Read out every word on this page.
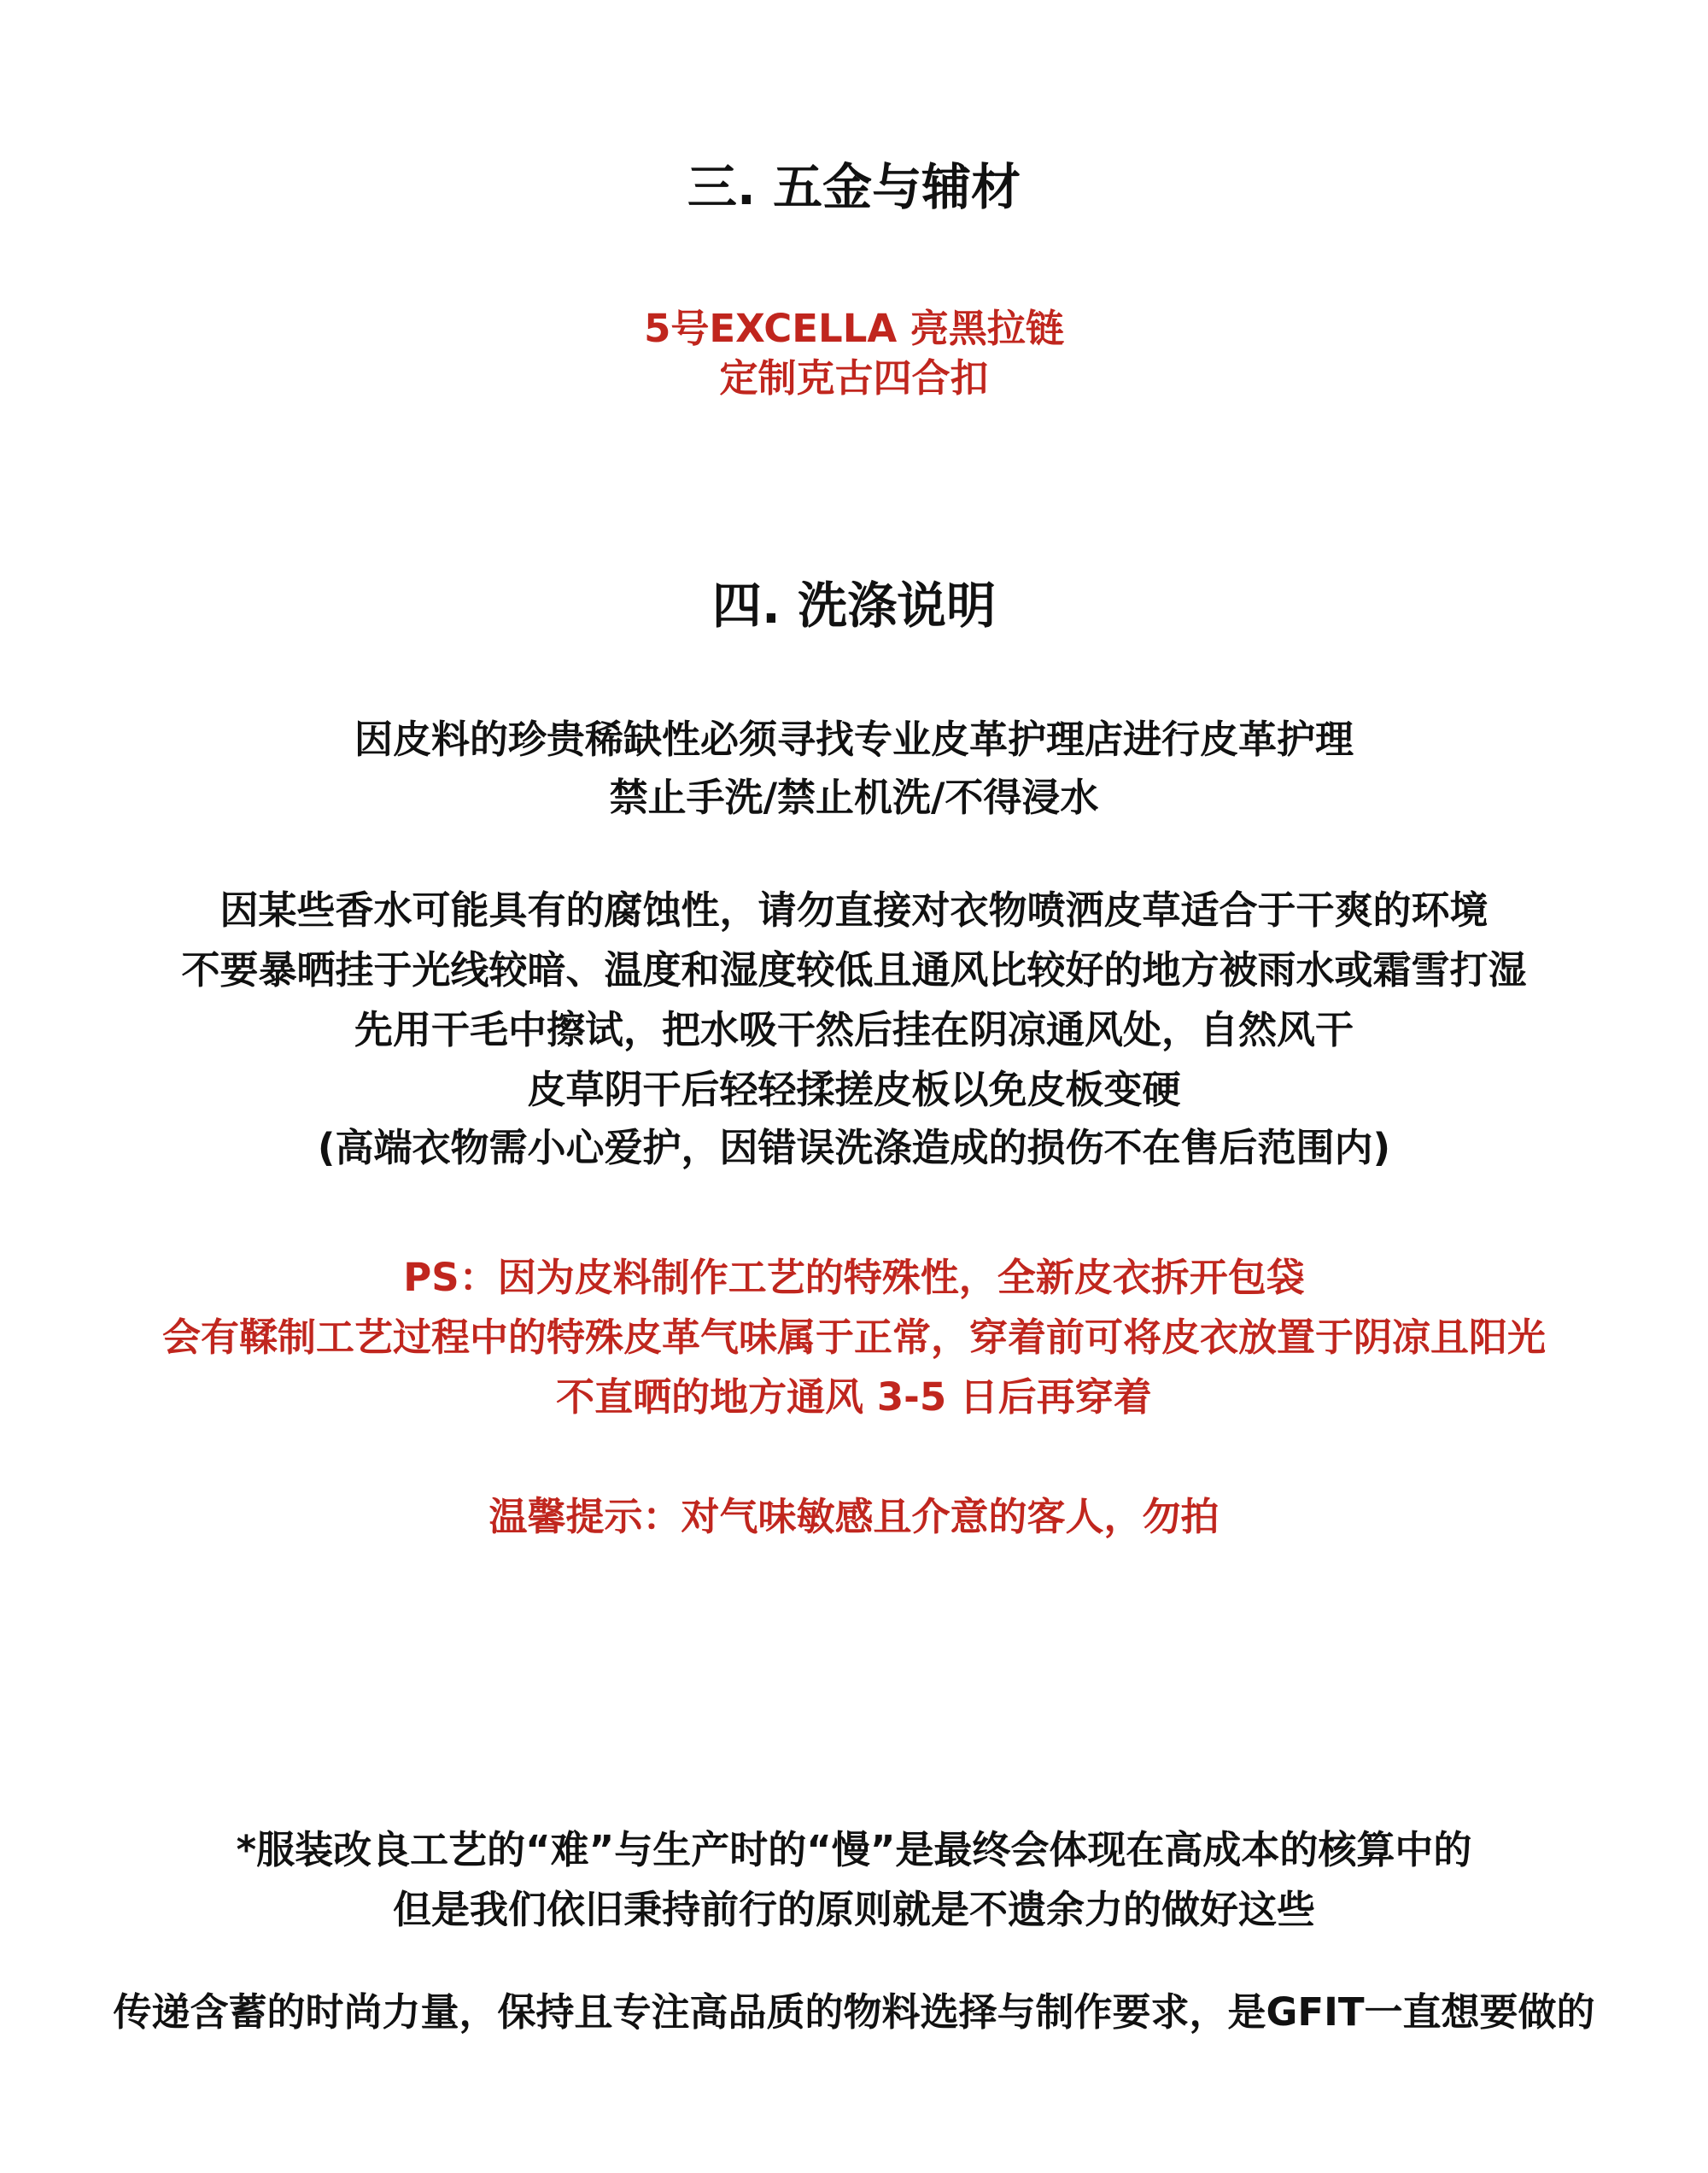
三. 五金与辅材
5号EXCELLA 亮黑拉链
定制克古四合扣
四. 洗涤说明
因皮料的珍贵稀缺性必须寻找专业皮革护理店进行皮革护理
禁止手洗/禁止机洗/不得浸水
因某些香水可能具有的腐蚀性，请勿直接对衣物喷洒皮草适合于干爽的环境
不要暴晒挂于光线较暗、温度和湿度较低且通风比较好的地方被雨水或霜雪打湿
先用干毛中擦试，把水吸干然后挂在阴凉通风处，自然风干
皮草阴干后轻轻揉搓皮板以免皮板变硬
(高端衣物需小心爱护，因错误洗涤造成的损伤不在售后范围内)
PS：因为皮料制作工艺的特殊性，全新皮衣拆开包袋
会有鞣制工艺过程中的特殊皮革气味属于正常，穿着前可将皮衣放置于阴凉且阳光
不直晒的地方通风 3-5 日后再穿着
温馨提示：对气味敏感且介意的客人，勿拍
*服装改良工艺的“难”与生产时的“慢”是最终会体现在高成本的核算中的
但是我们依旧秉持前行的原则就是不遗余力的做好这些
传递含蓄的时尚力量，保持且专注高品质的物料选择与制作要求，是GFIT一直想要做的
